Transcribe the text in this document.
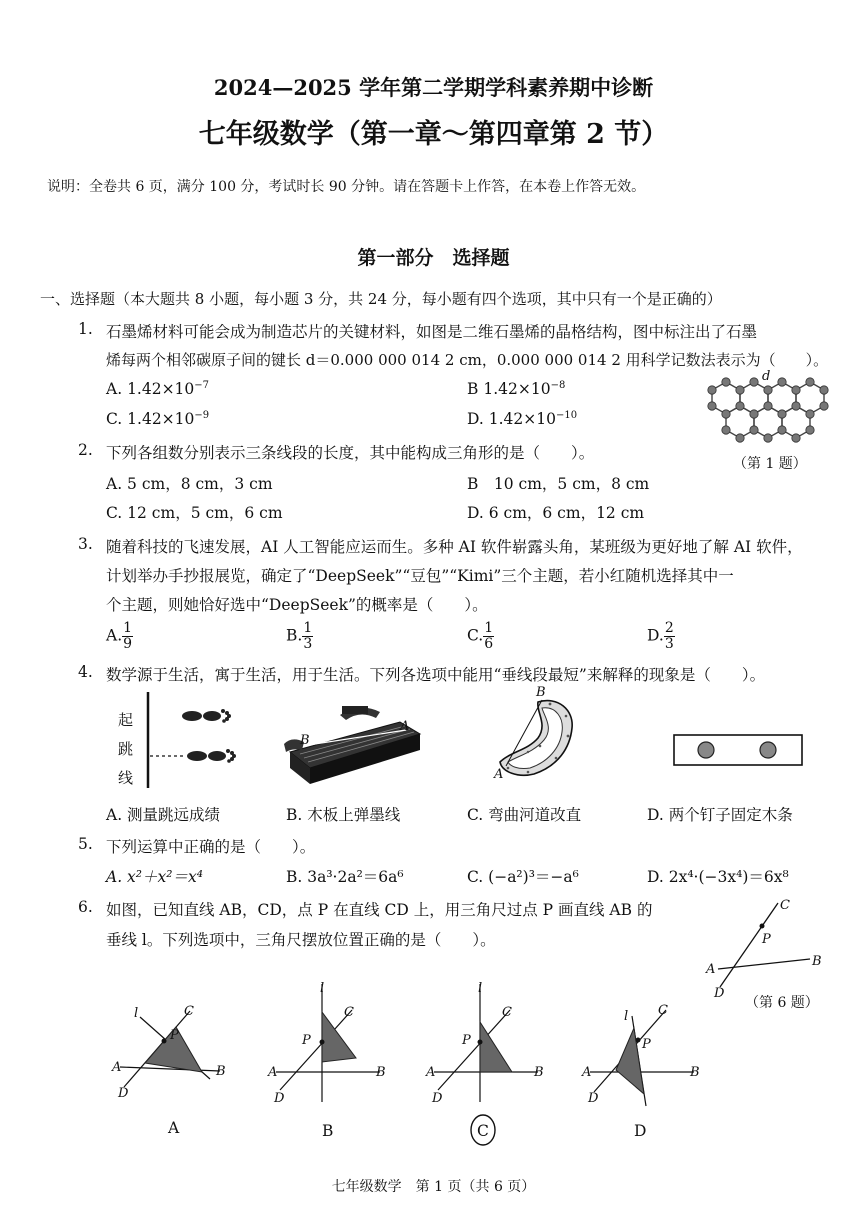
2024—2025 学年第二学期学科素养期中诊断
七年级数学（第一章～第四章第 2 节）
说明：全卷共 6 页，满分 100 分，考试时长 90 分钟。请在答题卡上作答，在本卷上作答无效。
第一部分　选择题
一、选择题（本大题共 8 小题，每小题 3 分，共 24 分，每小题有四个选项，其中只有一个是正确的）
1. 石墨烯材料可能会成为制造芯片的关键材料，如图是二维石墨烯的晶格结构，图中标注出了石墨
烯每两个相邻碳原子间的键长 d＝0.000 000 014 2 cm，0.000 000 014 2 用科学记数法表示为（　　）。
A. $1.42\times 10^{-7}$	B $1.42\times 10^{-8}$
C. $1.42\times 10^{-9}$	D. $1.42\times 10^{-10}$
d
（第 1 题）
2. 下列各组数分别表示三条线段的长度，其中能构成三角形的是（　　）。
A. 5 cm，8 cm，3 cm	B　10 cm，5 cm，8 cm
C. 12 cm，5 cm，6 cm	D. 6 cm，6 cm，12 cm
3. 随着科技的飞速发展，AI 人工智能应运而生。多种 AI 软件崭露头角，某班级为更好地了解 AI 软件，
计划举办手抄报展览，确定了“DeepSeek”“豆包”“Kimi”三个主题，若小红随机选择其中一
个主题，则她恰好选中“DeepSeek”的概率是（　　）。
A. $\frac{1}{9}$	B. $\frac{1}{3}$	C. $\frac{1}{6}$	D. $\frac{2}{3}$
4. 数学源于生活，寓于生活，用于生活。下列各选项中能用“垂线段最短”来解释的现象是（　　）。
起
跳
线
B
A
B
A
A. 测量跳远成绩	B. 木板上弹墨线	C. 弯曲河道改直	D. 两个钉子固定木条
5. 下列运算中正确的是（　　）。
A. x²＋x²＝x⁴	B. 3a³·2a²＝6a⁶	C. (−a²)³＝−a⁶	D. 2x⁴·(−3x⁴)＝6x⁸
6. 如图，已知直线 AB，CD，点 P 在直线 CD 上，用三角尺过点 P 画直线 AB 的
垂线 l。下列选项中，三角尺摆放位置正确的是（　　）。
C
P
A
B
D
（第 6 题）
l	C
P
A	B
D
l
C
P
A	B
D
l
C
P
A	B
D
l C
P
A	B
D
A	B	C	D
七年级数学　第 1 页（共 6 页）
